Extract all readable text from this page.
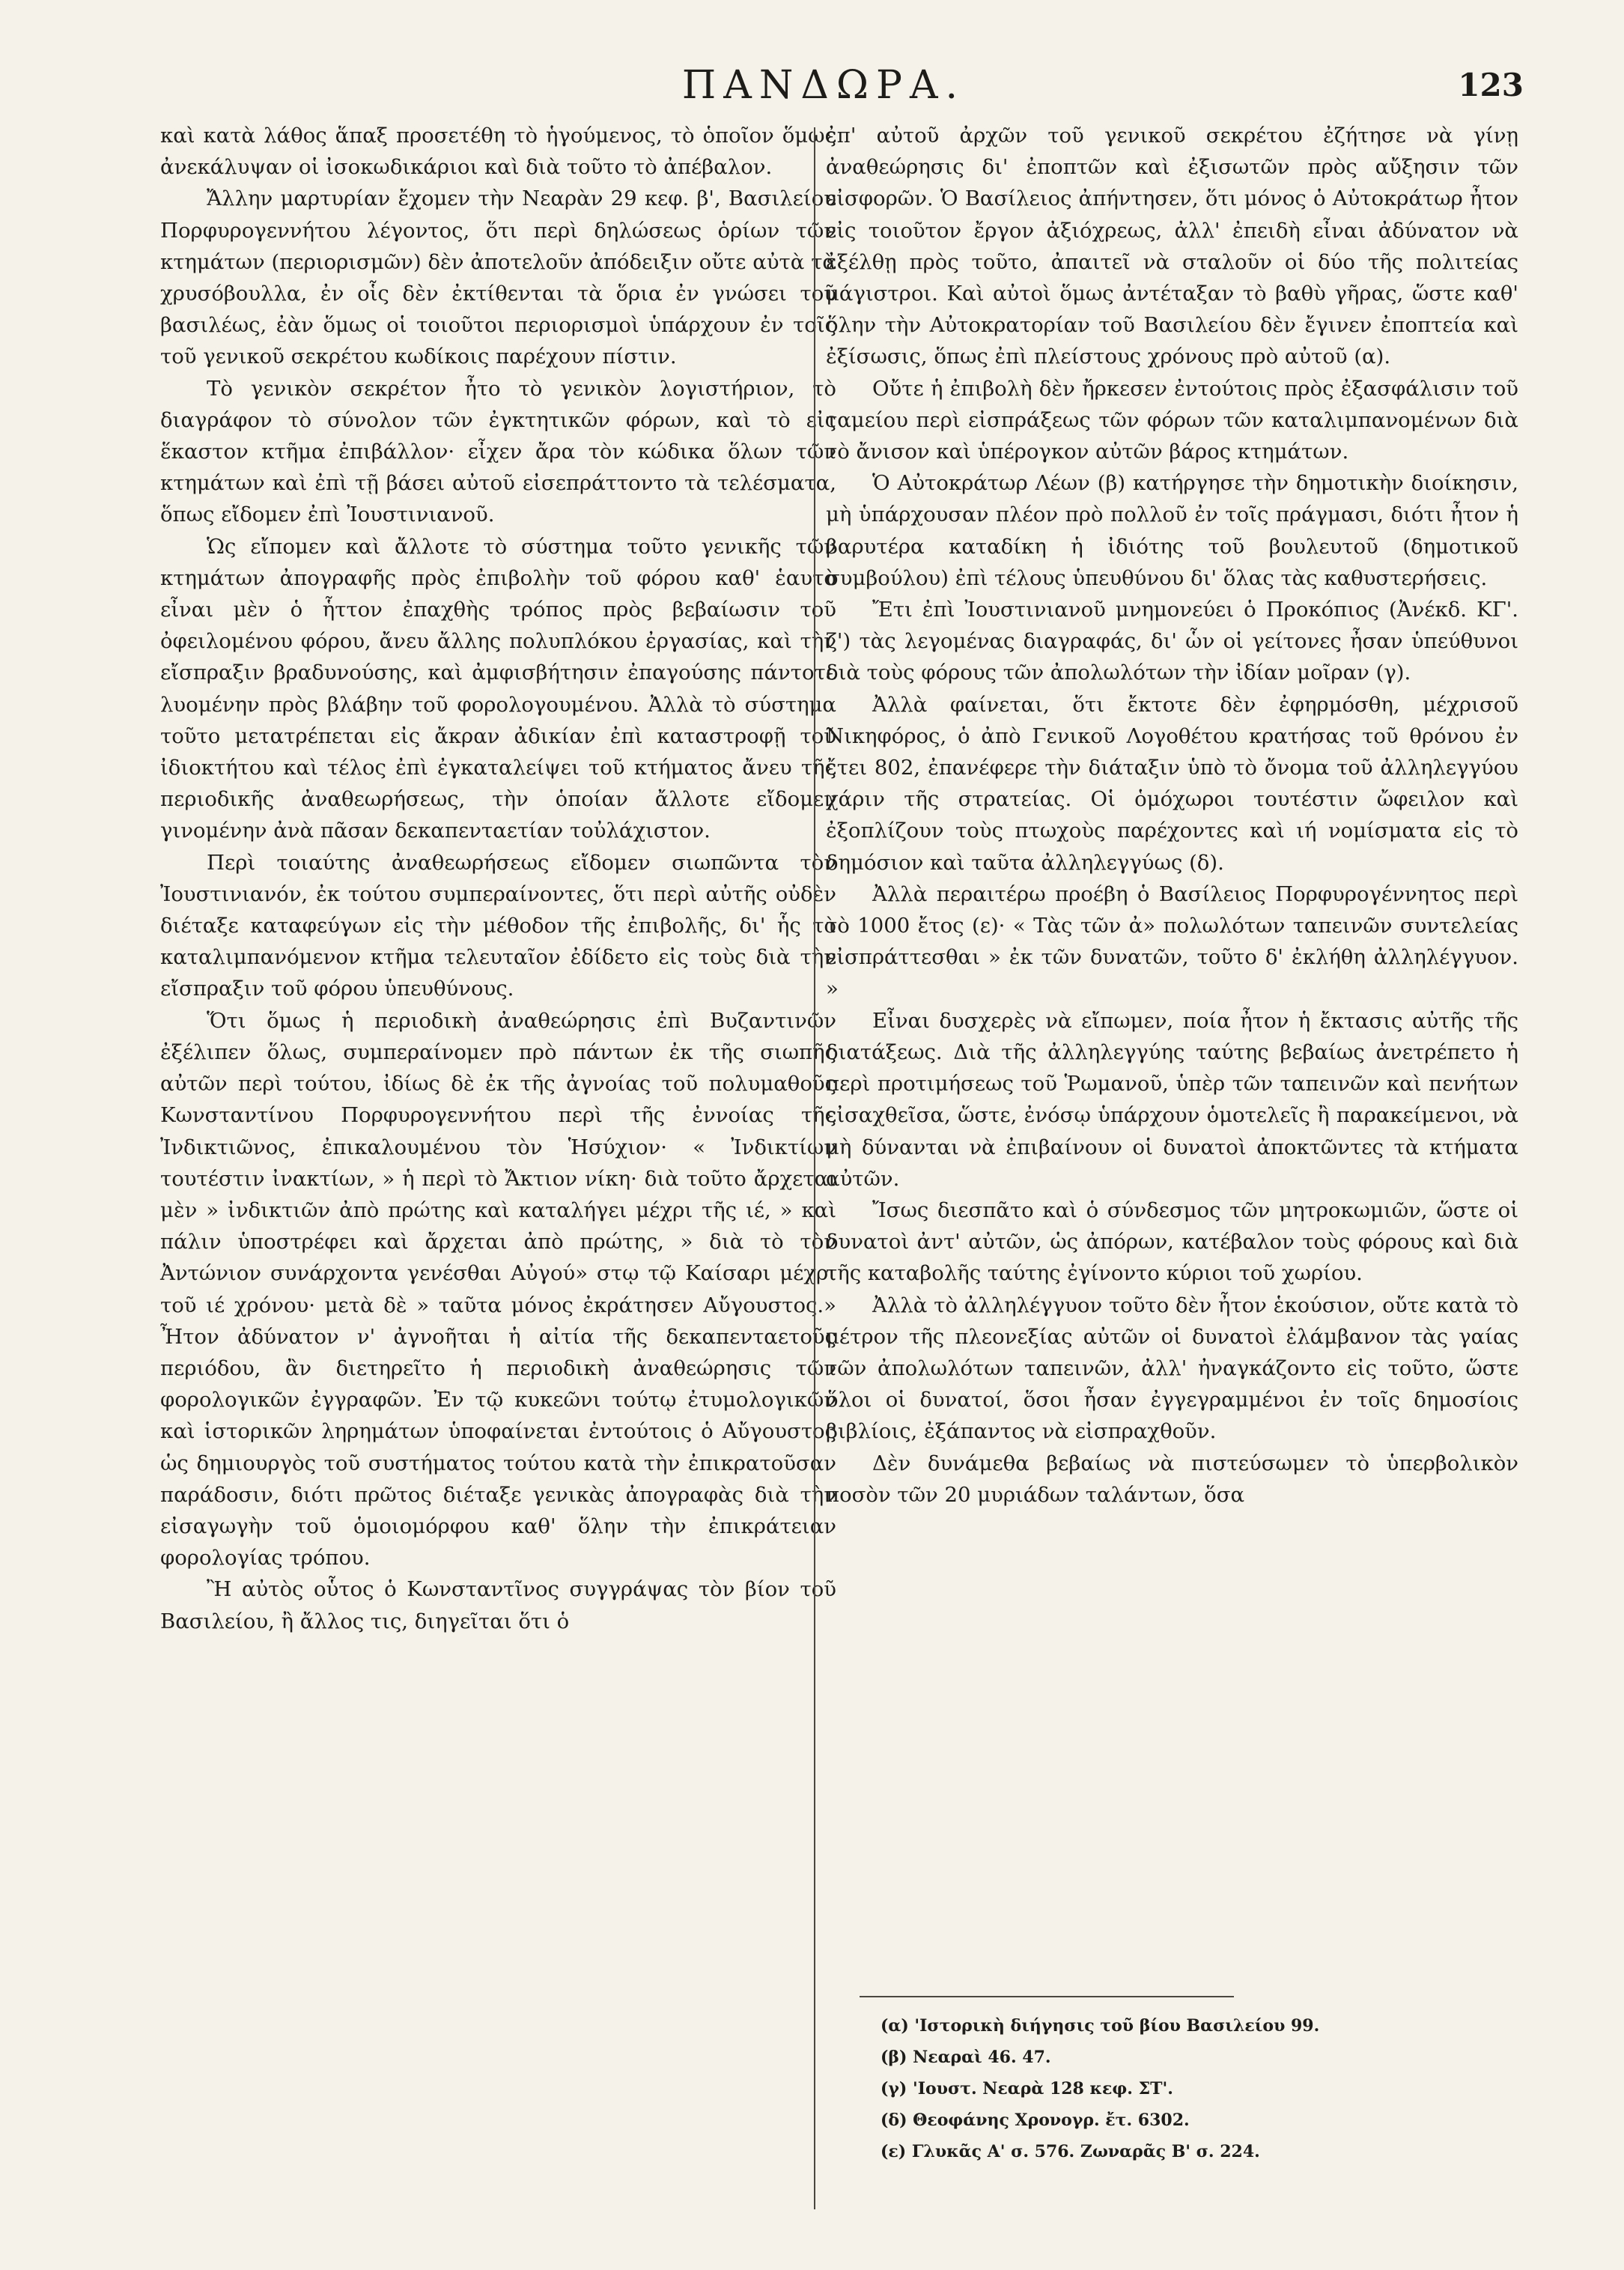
ΠΑΝΔΩΡΑ.	123

καὶ κατὰ λάθος ἅπαξ προσετέθη τὸ ἡγούμενος, τὸ ὁποῖον ὅμως ἀνεκάλυψαν οἱ ἰσοκωδικάριοι καὶ διὰ τοῦτο τὸ ἀπέβαλον.

Ἄλλην μαρτυρίαν ἔχομεν τὴν Νεαρὰν 29 κεφ. β', Βασιλείου Πορφυρογεννήτου λέγοντος, ὅτι περὶ δηλώσεως ὁρίων τῶν κτημάτων (περιορισμῶν) δὲν ἀποτελοῦν ἀπόδειξιν οὔτε αὐτὰ τὰ χρυσόβουλλα, ἐν οἷς δὲν ἐκτίθενται τὰ ὅρια ἐν γνώσει τοῦ βασιλέως, ἐὰν ὅμως οἱ τοιοῦτοι περιορισμοὶ ὑπάρχουν ἐν τοῖς τοῦ γενικοῦ σεκρέτου κωδίκοις παρέχουν πίστιν.

Τὸ γενικὸν σεκρέτον ἦτο τὸ γενικὸν λογιστήριον, τὸ διαγράφον τὸ σύνολον τῶν ἐγκτητικῶν φόρων, καὶ τὸ εἰς ἕκαστον κτῆμα ἐπιβάλλον· εἶχεν ἄρα τὸν κώδικα ὅλων τῶν κτημάτων καὶ ἐπὶ τῇ βάσει αὐτοῦ εἰσεπράττοντο τὰ τελέσματα, ὅπως εἴδομεν ἐπὶ Ἰουστινιανοῦ.

Ὡς εἴπομεν καὶ ἄλλοτε τὸ σύστημα τοῦτο γενικῆς τῶν κτημάτων ἀπογραφῆς πρὸς ἐπιβολὴν τοῦ φόρου καθ' ἑαυτὸ εἶναι μὲν ὁ ἧττον ἐπαχθὴς τρόπος πρὸς βεβαίωσιν τοῦ ὀφειλομένου φόρου, ἄνευ ἄλλης πολυπλόκου ἐργασίας, καὶ τὴν εἴσπραξιν βραδυνούσης, καὶ ἀμφισβήτησιν ἐπαγούσης πάντοτε λυομένην πρὸς βλάβην τοῦ φορολογουμένου. Ἀλλὰ τὸ σύστημα τοῦτο μετατρέπεται εἰς ἄκραν ἀδικίαν ἐπὶ καταστροφῇ τοῦ ἰδιοκτήτου καὶ τέλος ἐπὶ ἐγκαταλείψει τοῦ κτήματος ἄνευ τῆς περιοδικῆς ἀναθεωρήσεως, τὴν ὁποίαν ἄλλοτε εἴδομεν γινομένην ἀνὰ πᾶσαν δεκαπενταετίαν τοὐλάχιστον.

Περὶ τοιαύτης ἀναθεωρήσεως εἴδομεν σιωπῶντα τὸν Ἰουστινιανόν, ἐκ τούτου συμπεραίνοντες, ὅτι περὶ αὐτῆς οὐδὲν διέταξε καταφεύγων εἰς τὴν μέθοδον τῆς ἐπιβολῆς, δι' ἧς τὸ καταλιμπανόμενον κτῆμα τελευταῖον ἐδίδετο εἰς τοὺς διὰ τὴν εἴσπραξιν τοῦ φόρου ὑπευθύνους.

Ὅτι ὅμως ἡ περιοδικὴ ἀναθεώρησις ἐπὶ Βυζαντινῶν ἐξέλιπεν ὅλως, συμπεραίνομεν πρὸ πάντων ἐκ τῆς σιωπῆς αὐτῶν περὶ τούτου, ἰδίως δὲ ἐκ τῆς ἀγνοίας τοῦ πολυμαθοῦς Κωνσταντίνου Πορφυρογεννήτου περὶ τῆς ἐννοίας τῆς Ἰνδικτιῶνος, ἐπικαλουμένου τὸν Ἡσύχιον· « Ἰνδικτίων τουτέστιν ἰνακτίων, » ἡ περὶ τὸ Ἄκτιον νίκη· διὰ τοῦτο ἄρχεται μὲν » ἰνδικτιῶν ἀπὸ πρώτης καὶ καταλήγει μέχρι τῆς ιέ, » καὶ πάλιν ὑποστρέφει καὶ ἄρχεται ἀπὸ πρώτης, » διὰ τὸ τὸν Ἀντώνιον συνάρχοντα γενέσθαι Αὐγού» στῳ τῷ Καίσαρι μέχρι τοῦ ιέ χρόνου· μετὰ δὲ » ταῦτα μόνος ἐκράτησεν Αὔγουστος.» Ἦτον ἀδύνατον ν' ἀγνοῆται ἡ αἰτία τῆς δεκαπενταετοῦς περιόδου, ἂν διετηρεῖτο ἡ περιοδικὴ ἀναθεώρησις τῶν φορολογικῶν ἐγγραφῶν. Ἐν τῷ κυκεῶνι τούτῳ ἐτυμολογικῶν καὶ ἱστορικῶν ληρημάτων ὑποφαίνεται ἐντούτοις ὁ Αὔγουστος ὡς δημιουργὸς τοῦ συστήματος τούτου κατὰ τὴν ἐπικρατοῦσαν παράδοσιν, διότι πρῶτος διέταξε γενικὰς ἀπογραφὰς διὰ τὴν εἰσαγωγὴν τοῦ ὁμοιομόρφου καθ' ὅλην τὴν ἐπικράτειαν φορολογίας τρόπου.

Ἢ αὐτὸς οὗτος ὁ Κωνσταντῖνος συγγράψας τὸν βίον τοῦ Βασιλείου, ἢ ἄλλος τις, διηγεῖται ὅτι ὁ

ἐπ' αὐτοῦ ἀρχῶν τοῦ γενικοῦ σεκρέτου ἐζήτησε νὰ γίνῃ ἀναθεώρησις δι' ἐποπτῶν καὶ ἐξισωτῶν πρὸς αὔξησιν τῶν εἰσφορῶν. Ὁ Βασίλειος ἀπήντησεν, ὅτι μόνος ὁ Αὐτοκράτωρ ἦτον εἰς τοιοῦτον ἔργον ἀξιόχρεως, ἀλλ' ἐπειδὴ εἶναι ἀδύνατον νὰ ἐξέλθῃ πρὸς τοῦτο, ἀπαιτεῖ νὰ σταλοῦν οἱ δύο τῆς πολιτείας μάγιστροι. Καὶ αὐτοὶ ὅμως ἀντέταξαν τὸ βαθὺ γῆρας, ὥστε καθ' ὅλην τὴν Αὐτοκρατορίαν τοῦ Βασιλείου δὲν ἔγινεν ἐποπτεία καὶ ἐξίσωσις, ὅπως ἐπὶ πλείστους χρόνους πρὸ αὐτοῦ (α).

Οὔτε ἡ ἐπιβολὴ δὲν ἤρκεσεν ἐντούτοις πρὸς ἐξασφάλισιν τοῦ ταμείου περὶ εἰσπράξεως τῶν φόρων τῶν καταλιμπανομένων διὰ τὸ ἄνισον καὶ ὑπέρογκον αὐτῶν βάρος κτημάτων.

Ὁ Αὐτοκράτωρ Λέων (β) κατήργησε τὴν δημοτικὴν διοίκησιν, μὴ ὑπάρχουσαν πλέον πρὸ πολλοῦ ἐν τοῖς πράγμασι, διότι ἦτον ἡ βαρυτέρα καταδίκη ἡ ἰδιότης τοῦ βουλευτοῦ (δημοτικοῦ συμβούλου) ἐπὶ τέλους ὑπευθύνου δι' ὅλας τὰς καθυστερήσεις.

Ἔτι ἐπὶ Ἰουστινιανοῦ μνημονεύει ὁ Προκόπιος (Ἀνέκδ. ΚΓ'. ζ') τὰς λεγομένας διαγραφάς, δι' ὧν οἱ γείτονες ἦσαν ὑπεύθυνοι διὰ τοὺς φόρους τῶν ἀπολωλότων τὴν ἰδίαν μοῖραν (γ).

Ἀλλὰ φαίνεται, ὅτι ἔκτοτε δὲν ἐφηρμόσθη, μέχρισοῦ Νικηφόρος, ὁ ἀπὸ Γενικοῦ Λογοθέτου κρατήσας τοῦ θρόνου ἐν ἔτει 802, ἐπανέφερε τὴν διάταξιν ὑπὸ τὸ ὄνομα τοῦ ἀλληλεγγύου χάριν τῆς στρατείας. Οἱ ὁμόχωροι τουτέστιν ὤφειλον καὶ ἐξοπλίζουν τοὺς πτωχοὺς παρέχοντες καὶ ιή νομίσματα εἰς τὸ δημόσιον καὶ ταῦτα ἀλληλεγγύως (δ).

Ἀλλὰ περαιτέρω προέβη ὁ Βασίλειος Πορφυρογέννητος περὶ τὸ 1000 ἔτος (ε)· « Τὰς τῶν ἀ» πολωλότων ταπεινῶν συντελείας εἰσπράττεσθαι » ἐκ τῶν δυνατῶν, τοῦτο δ' ἐκλήθη ἀλληλέγγυον. »

Εἶναι δυσχερὲς νὰ εἴπωμεν, ποία ἦτον ἡ ἔκτασις αὐτῆς τῆς διατάξεως. Διὰ τῆς ἀλληλεγγύης ταύτης βεβαίως ἀνετρέπετο ἡ περὶ προτιμήσεως τοῦ Ῥωμανοῦ, ὑπὲρ τῶν ταπεινῶν καὶ πενήτων εἰσαχθεῖσα, ὥστε, ἐνόσῳ ὑπάρχουν ὁμοτελεῖς ἢ παρακείμενοι, νὰ μὴ δύνανται νὰ ἐπιβαίνουν οἱ δυνατοὶ ἀποκτῶντες τὰ κτήματα αὐτῶν.

Ἴσως διεσπᾶτο καὶ ὁ σύνδεσμος τῶν μητροκωμιῶν, ὥστε οἱ δυνατοὶ ἀντ' αὐτῶν, ὡς ἀπόρων, κατέβαλον τοὺς φόρους καὶ διὰ τῆς καταβολῆς ταύτης ἐγίνοντο κύριοι τοῦ χωρίου.

Ἀλλὰ τὸ ἀλληλέγγυον τοῦτο δὲν ἦτον ἑκούσιον, οὔτε κατὰ τὸ μέτρον τῆς πλεονεξίας αὐτῶν οἱ δυνατοὶ ἐλάμβανον τὰς γαίας τῶν ἀπολωλότων ταπεινῶν, ἀλλ' ἠναγκάζοντο εἰς τοῦτο, ὥστε ὅλοι οἱ δυνατοί, ὅσοι ἦσαν ἐγγεγραμμένοι ἐν τοῖς δημοσίοις βιβλίοις, ἐξάπαντος νὰ εἰσπραχθοῦν.

Δὲν δυνάμεθα βεβαίως νὰ πιστεύσωμεν τὸ ὑπερβολικὸν ποσὸν τῶν 20 μυριάδων ταλάντων, ὅσα

(α) 'Ιστορικὴ διήγησις τοῦ βίου Βασιλείου 99.
(β) Νεαραὶ 46. 47.
(γ) 'Ιουστ. Νεαρὰ 128 κεφ. ΣΤ'.
(δ) Θεοφάνης Χρονογρ. ἔτ. 6302.
(ε) Γλυκᾶς Α' σ. 576. Ζωναρᾶς Β' σ. 224.
